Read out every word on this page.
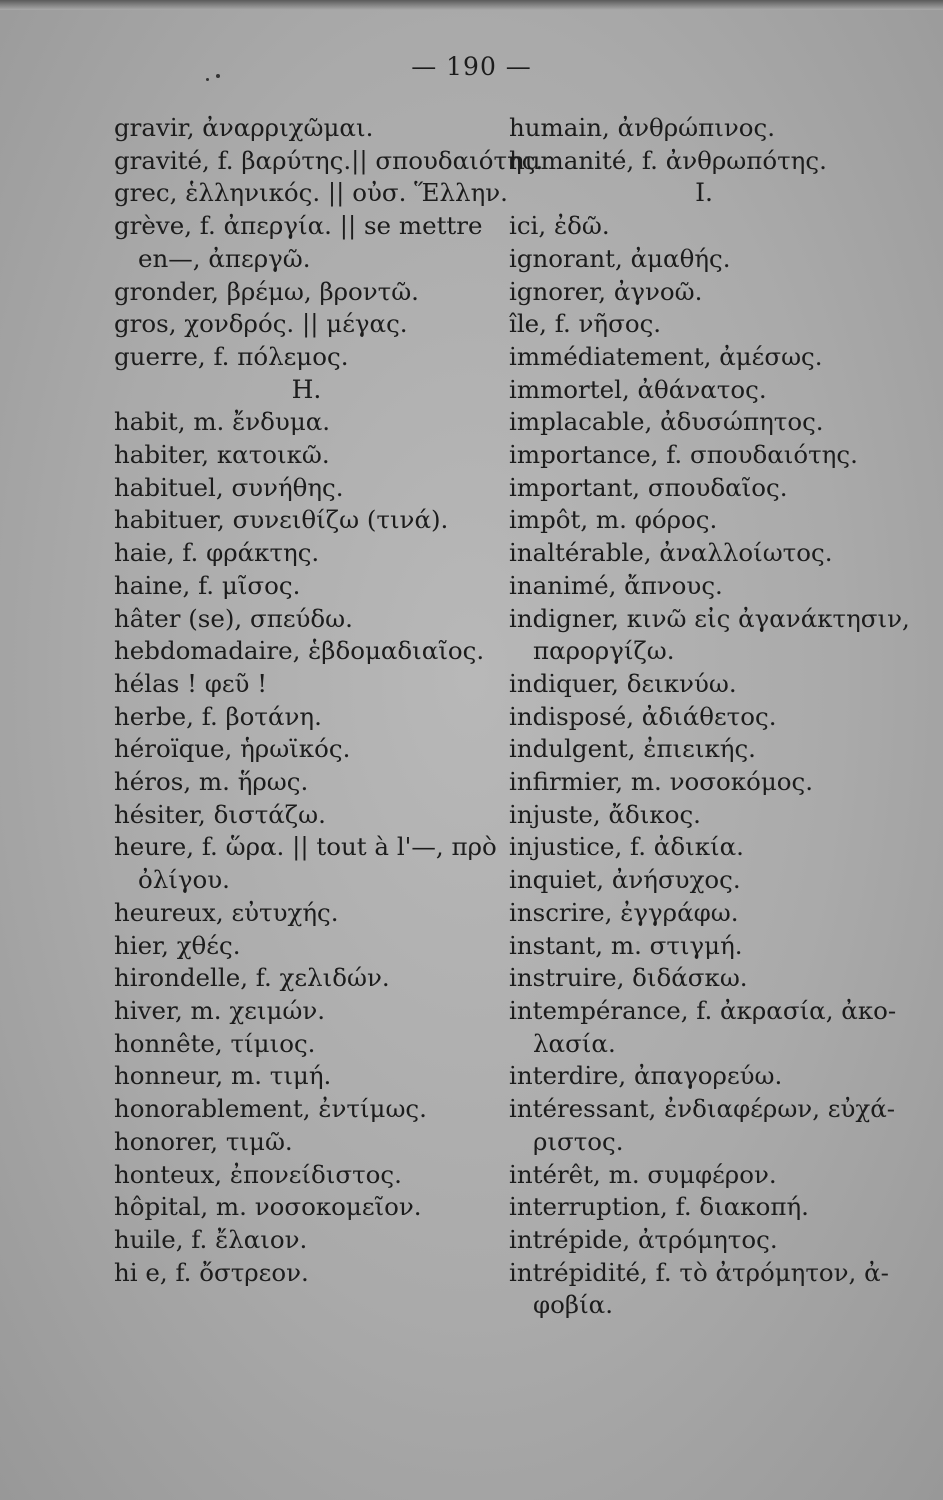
— 190 —
gravir, ἀναρριχῶμαι.
gravité, f. βαρύτης.|| σπουδαιότης.
grec, ἑλληνικός. || οὐσ. Ἕλλην.
grève, f. ἀπεργία. || se mettre
en—, ἀπεργῶ.
gronder, βρέμω, βροντῶ.
gros, χονδρός. || μέγας.
guerre, f. πόλεμος.
H.
habit, m. ἔνδυμα.
habiter, κατοικῶ.
habituel, συνήθης.
habituer, συνειθίζω (τινά).
haie, f. φράκτης.
haine, f. μῖσος.
hâter (se), σπεύδω.
hebdomadaire, ἑβδομαδιαῖος.
hélas ! φεῦ !
herbe, f. βοτάνη.
héroïque, ἡρωϊκός.
héros, m. ἥρως.
hésiter, διστάζω.
heure, f. ὥρα. || tout à l'—, πρὸ
ὀλίγου.
heureux, εὐτυχής.
hier, χθές.
hirondelle, f. χελιδών.
hiver, m. χειμών.
honnête, τίμιος.
honneur, m. τιμή.
honorablement, ἐντίμως.
honorer, τιμῶ.
honteux, ἐπονείδιστος.
hôpital, m. νοσοκομεῖον.
huile, f. ἔλαιον.
hi e, f. ὄστρεον.
humain, ἀνθρώπινος.
humanité, f. ἀνθρωπότης.
I.
ici, ἐδῶ.
ignorant, ἀμαθής.
ignorer, ἀγνοῶ.
île, f. νῆσος.
immédiatement, ἀμέσως.
immortel, ἀθάνατος.
implacable, ἀδυσώπητος.
importance, f. σπουδαιότης.
important, σπουδαῖος.
impôt, m. φόρος.
inaltérable, ἀναλλοίωτος.
inanimé, ἄπνους.
indigner, κινῶ εἰς ἀγανάκτησιν,
παροργίζω.
indiquer, δεικνύω.
indisposé, ἀδιάθετος.
indulgent, ἐπιεικής.
infirmier, m. νοσοκόμος.
injuste, ἄδικος.
injustice, f. ἀδικία.
inquiet, ἀνήσυχος.
inscrire, ἐγγράφω.
instant, m. στιγμή.
instruire, διδάσκω.
intempérance, f. ἀκρασία, ἀκο-
λασία.
interdire, ἀπαγορεύω.
intéressant, ἐνδιαφέρων, εὐχά-
ριστος.
intérêt, m. συμφέρον.
interruption, f. διακοπή.
intrépide, ἀτρόμητος.
intrépidité, f. τὸ ἀτρόμητον, ἀ-
φοβία.
